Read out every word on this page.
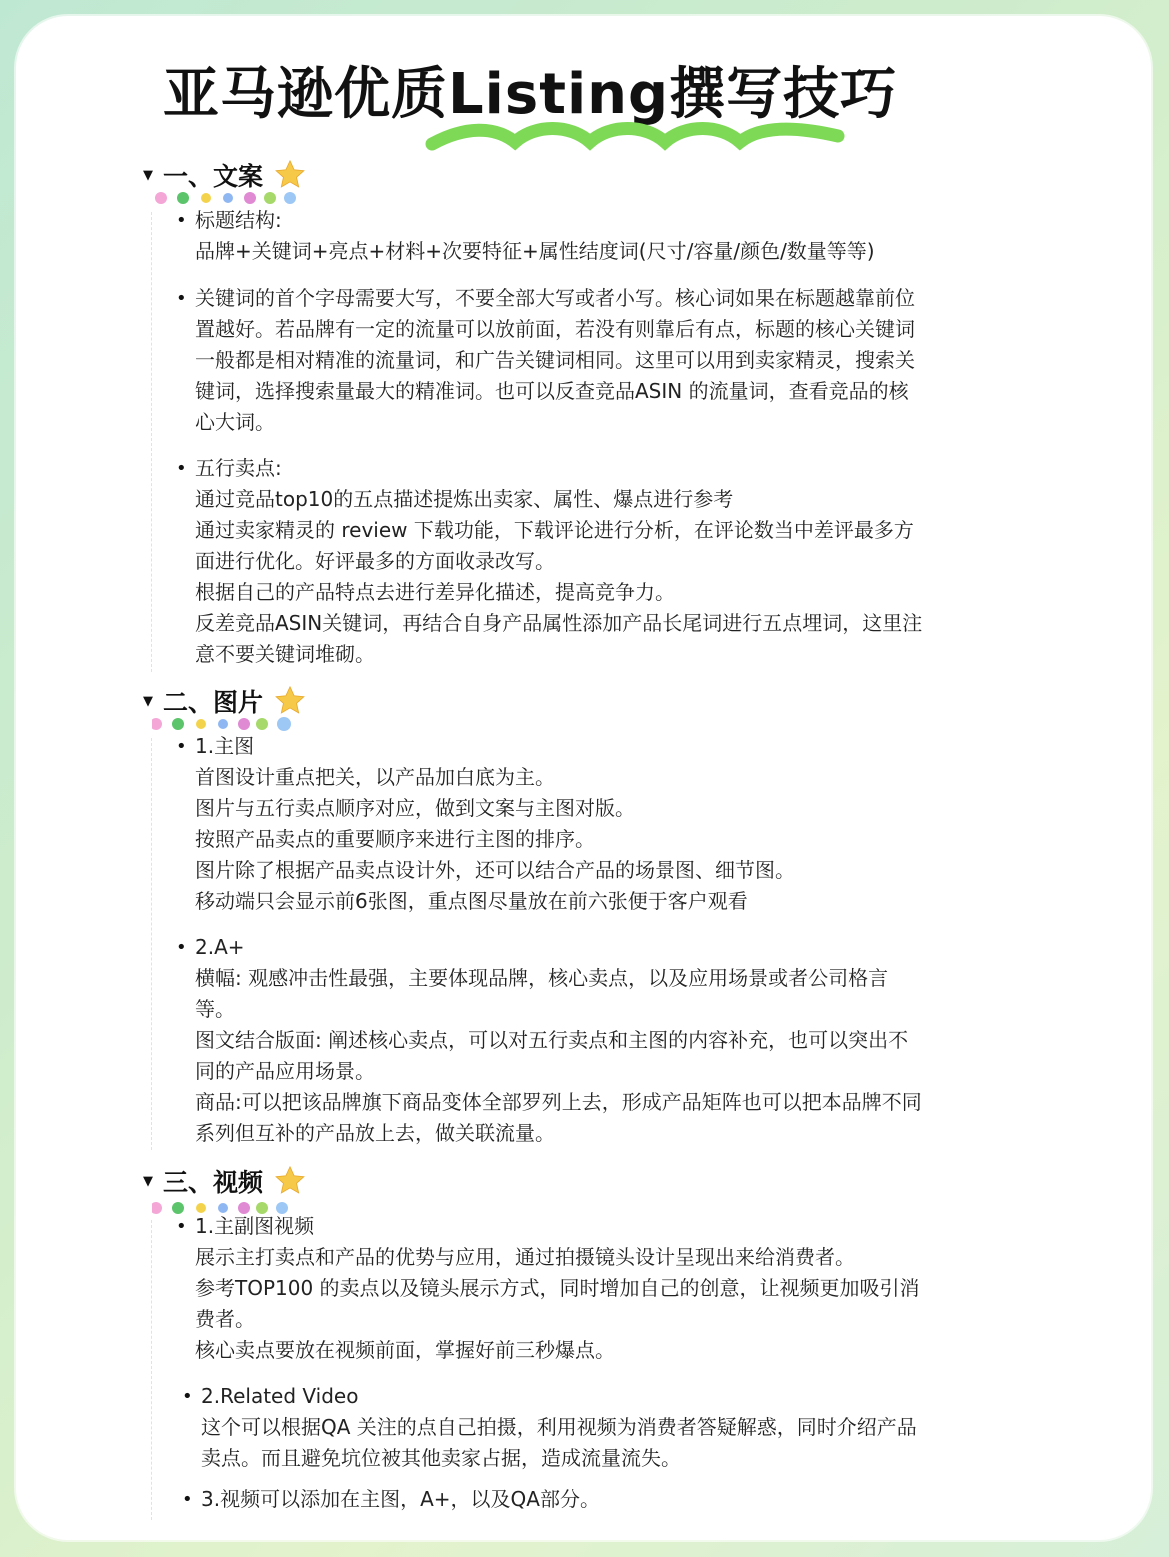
亚马逊优质Listing撰写技巧
▼ 一、文案
• 标题结构:

品牌+关键词+亮点+材料+次要特征+属性结度词(尺寸/容量/颜色/数量等等)

• 关键词的首个字母需要大写，不要全部大写或者小写。核心词如果在标题越靠前位

置越好。若品牌有一定的流量可以放前面，若没有则靠后有点，标题的核心关键词

一般都是相对精准的流量词，和广告关键词相同。这里可以用到卖家精灵，搜索关

键词，选择搜索量最大的精准词。也可以反查竞品ASIN 的流量词，查看竞品的核

心大词。

• 五行卖点:

通过竞品top10的五点描述提炼出卖家、属性、爆点进行参考

通过卖家精灵的 review 下载功能，下载评论进行分析，在评论数当中差评最多方

面进行优化。好评最多的方面收录改写。

根据自己的产品特点去进行差异化描述，提高竞争力。

反差竞品ASIN关键词，再结合自身产品属性添加产品长尾词进行五点埋词，这里注

意不要关键词堆砌。

▼ 二、图片
• 1.主图

首图设计重点把关，以产品加白底为主。

图片与五行卖点顺序对应，做到文案与主图对版。

按照产品卖点的重要顺序来进行主图的排序。

图片除了根据产品卖点设计外，还可以结合产品的场景图、细节图。

移动端只会显示前6张图，重点图尽量放在前六张便于客户观看

• 2.A+

横幅: 观感冲击性最强，主要体现品牌，核心卖点，以及应用场景或者公司格言

等。

图文结合版面: 阐述核心卖点，可以对五行卖点和主图的内容补充，也可以突出不

同的产品应用场景。

商品:可以把该品牌旗下商品变体全部罗列上去，形成产品矩阵也可以把本品牌不同

系列但互补的产品放上去，做关联流量。

▼ 三、视频
• 1.主副图视频

展示主打卖点和产品的优势与应用，通过拍摄镜头设计呈现出来给消费者。

参考TOP100 的卖点以及镜头展示方式，同时增加自己的创意，让视频更加吸引消

费者。

核心卖点要放在视频前面，掌握好前三秒爆点。

• 2.Related Video

这个可以根据QA 关注的点自己拍摄，利用视频为消费者答疑解惑，同时介绍产品

卖点。而且避免坑位被其他卖家占据，造成流量流失。

• 3.视频可以添加在主图，A+，以及QA部分。
